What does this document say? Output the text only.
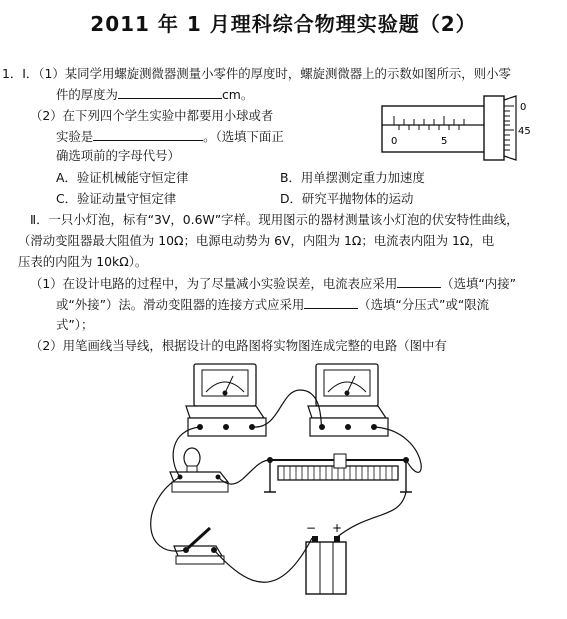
2011 年 1 月理科综合物理实验题（2）
1．Ⅰ．（1）某同学用螺旋测微器测量小零件的厚度时，螺旋测微器上的示数如图所示，则小零
件的厚度为	cm。
（2）在下列四个学生实验中都要用小球或者
实验是	。（选填下面正
确选项前的字母代号）
A．验证机械能守恒定律	B．用单摆测定重力加速度
C．验证动量守恒定律	D．研究平抛物体的运动
0	5
0
45
Ⅱ．一只小灯泡，标有“3V，0.6W”字样。现用图示的器材测量该小灯泡的伏安特性曲线，
（滑动变阻器最大阻值为 10Ω；电源电动势为 6V，内阻为 1Ω；电流表内阻为 1Ω，电
压表的内阻为 10kΩ）。
（1）在设计电路的过程中，为了尽量减小实验误差，电流表应采用	（选填“内接”
或“外接”）法。滑动变阻器的连接方式应采用	（选填“分压式”或“限流
式”）；
（2）用笔画线当导线，根据设计的电路图将实物图连成完整的电路（图中有
− +
